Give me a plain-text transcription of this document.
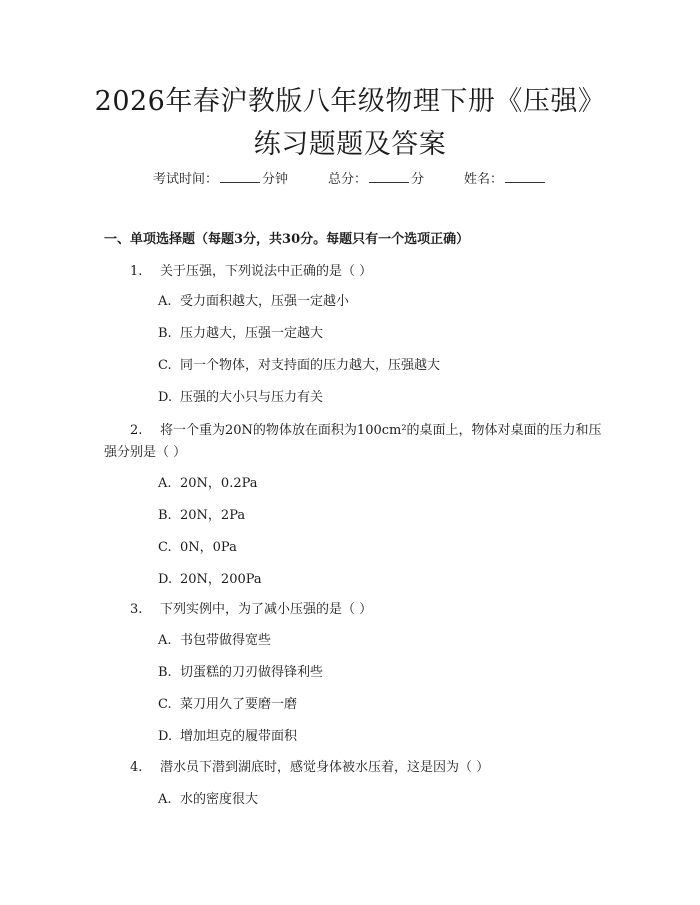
2026年春沪教版八年级物理下册《压强》练习题题及答案
考试时间：	分钟	总分：	分	姓名：
一、单项选择题（每题3分，共30分。每题只有一个选项正确）
1. 关于压强，下列说法中正确的是（ ）
A. 受力面积越大，压强一定越小
B. 压力越大，压强一定越大
C. 同一个物体，对支持面的压力越大，压强越大
D. 压强的大小只与压力有关
2. 将一个重为20N的物体放在面积为100cm²的桌面上，物体对桌面的压力和压强分别是（ ）
A. 20N，0.2Pa
B. 20N，2Pa
C. 0N，0Pa
D. 20N，200Pa
3. 下列实例中，为了减小压强的是（ ）
A. 书包带做得宽些
B. 切蛋糕的刀刃做得锋利些
C. 菜刀用久了要磨一磨
D. 增加坦克的履带面积
4. 潜水员下潜到湖底时，感觉身体被水压着，这是因为（ ）
A. 水的密度很大
